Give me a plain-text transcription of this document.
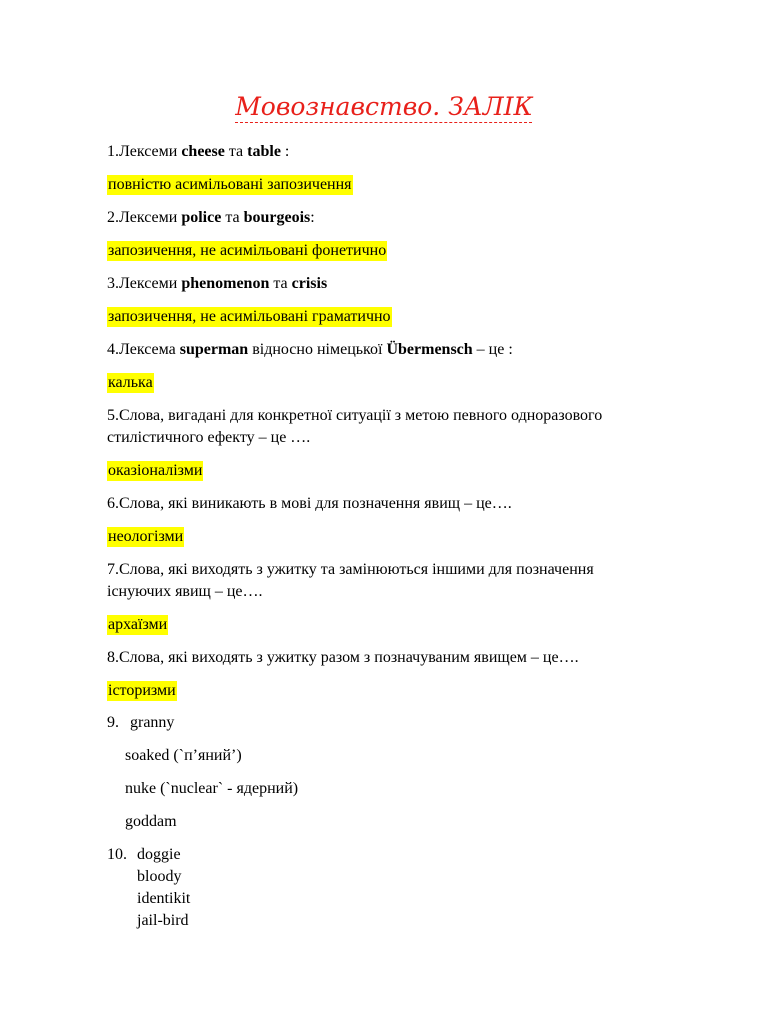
Мовознавство. ЗАЛІК
1.Лексеми cheese та table :
повністю асимільовані запозичення
2.Лексеми police та bourgeois:
запозичення, не асимільовані фонетично
3.Лексеми phenomenon та crisis
запозичення, не асимільовані граматично
4.Лексема superman відносно німецької Übermensch – це :
калька
5.Слова, вигадані для конкретної ситуації з метою певного одноразового
стилістичного ефекту – це ….
оказіоналізми
6.Слова, які виникають в мові для позначення явищ – це….
неологізми
7.Слова, які виходять з ужитку та замінюються іншими для позначення
існуючих явищ – це….
архаїзми
8.Слова, які виходять з ужитку разом з позначуваним явищем – це….
історизми
9. granny
soaked (`п’яний’)
nuke (`nuclear` - ядерний)
goddam
10. doggie
bloody
identikit
jail-bird
